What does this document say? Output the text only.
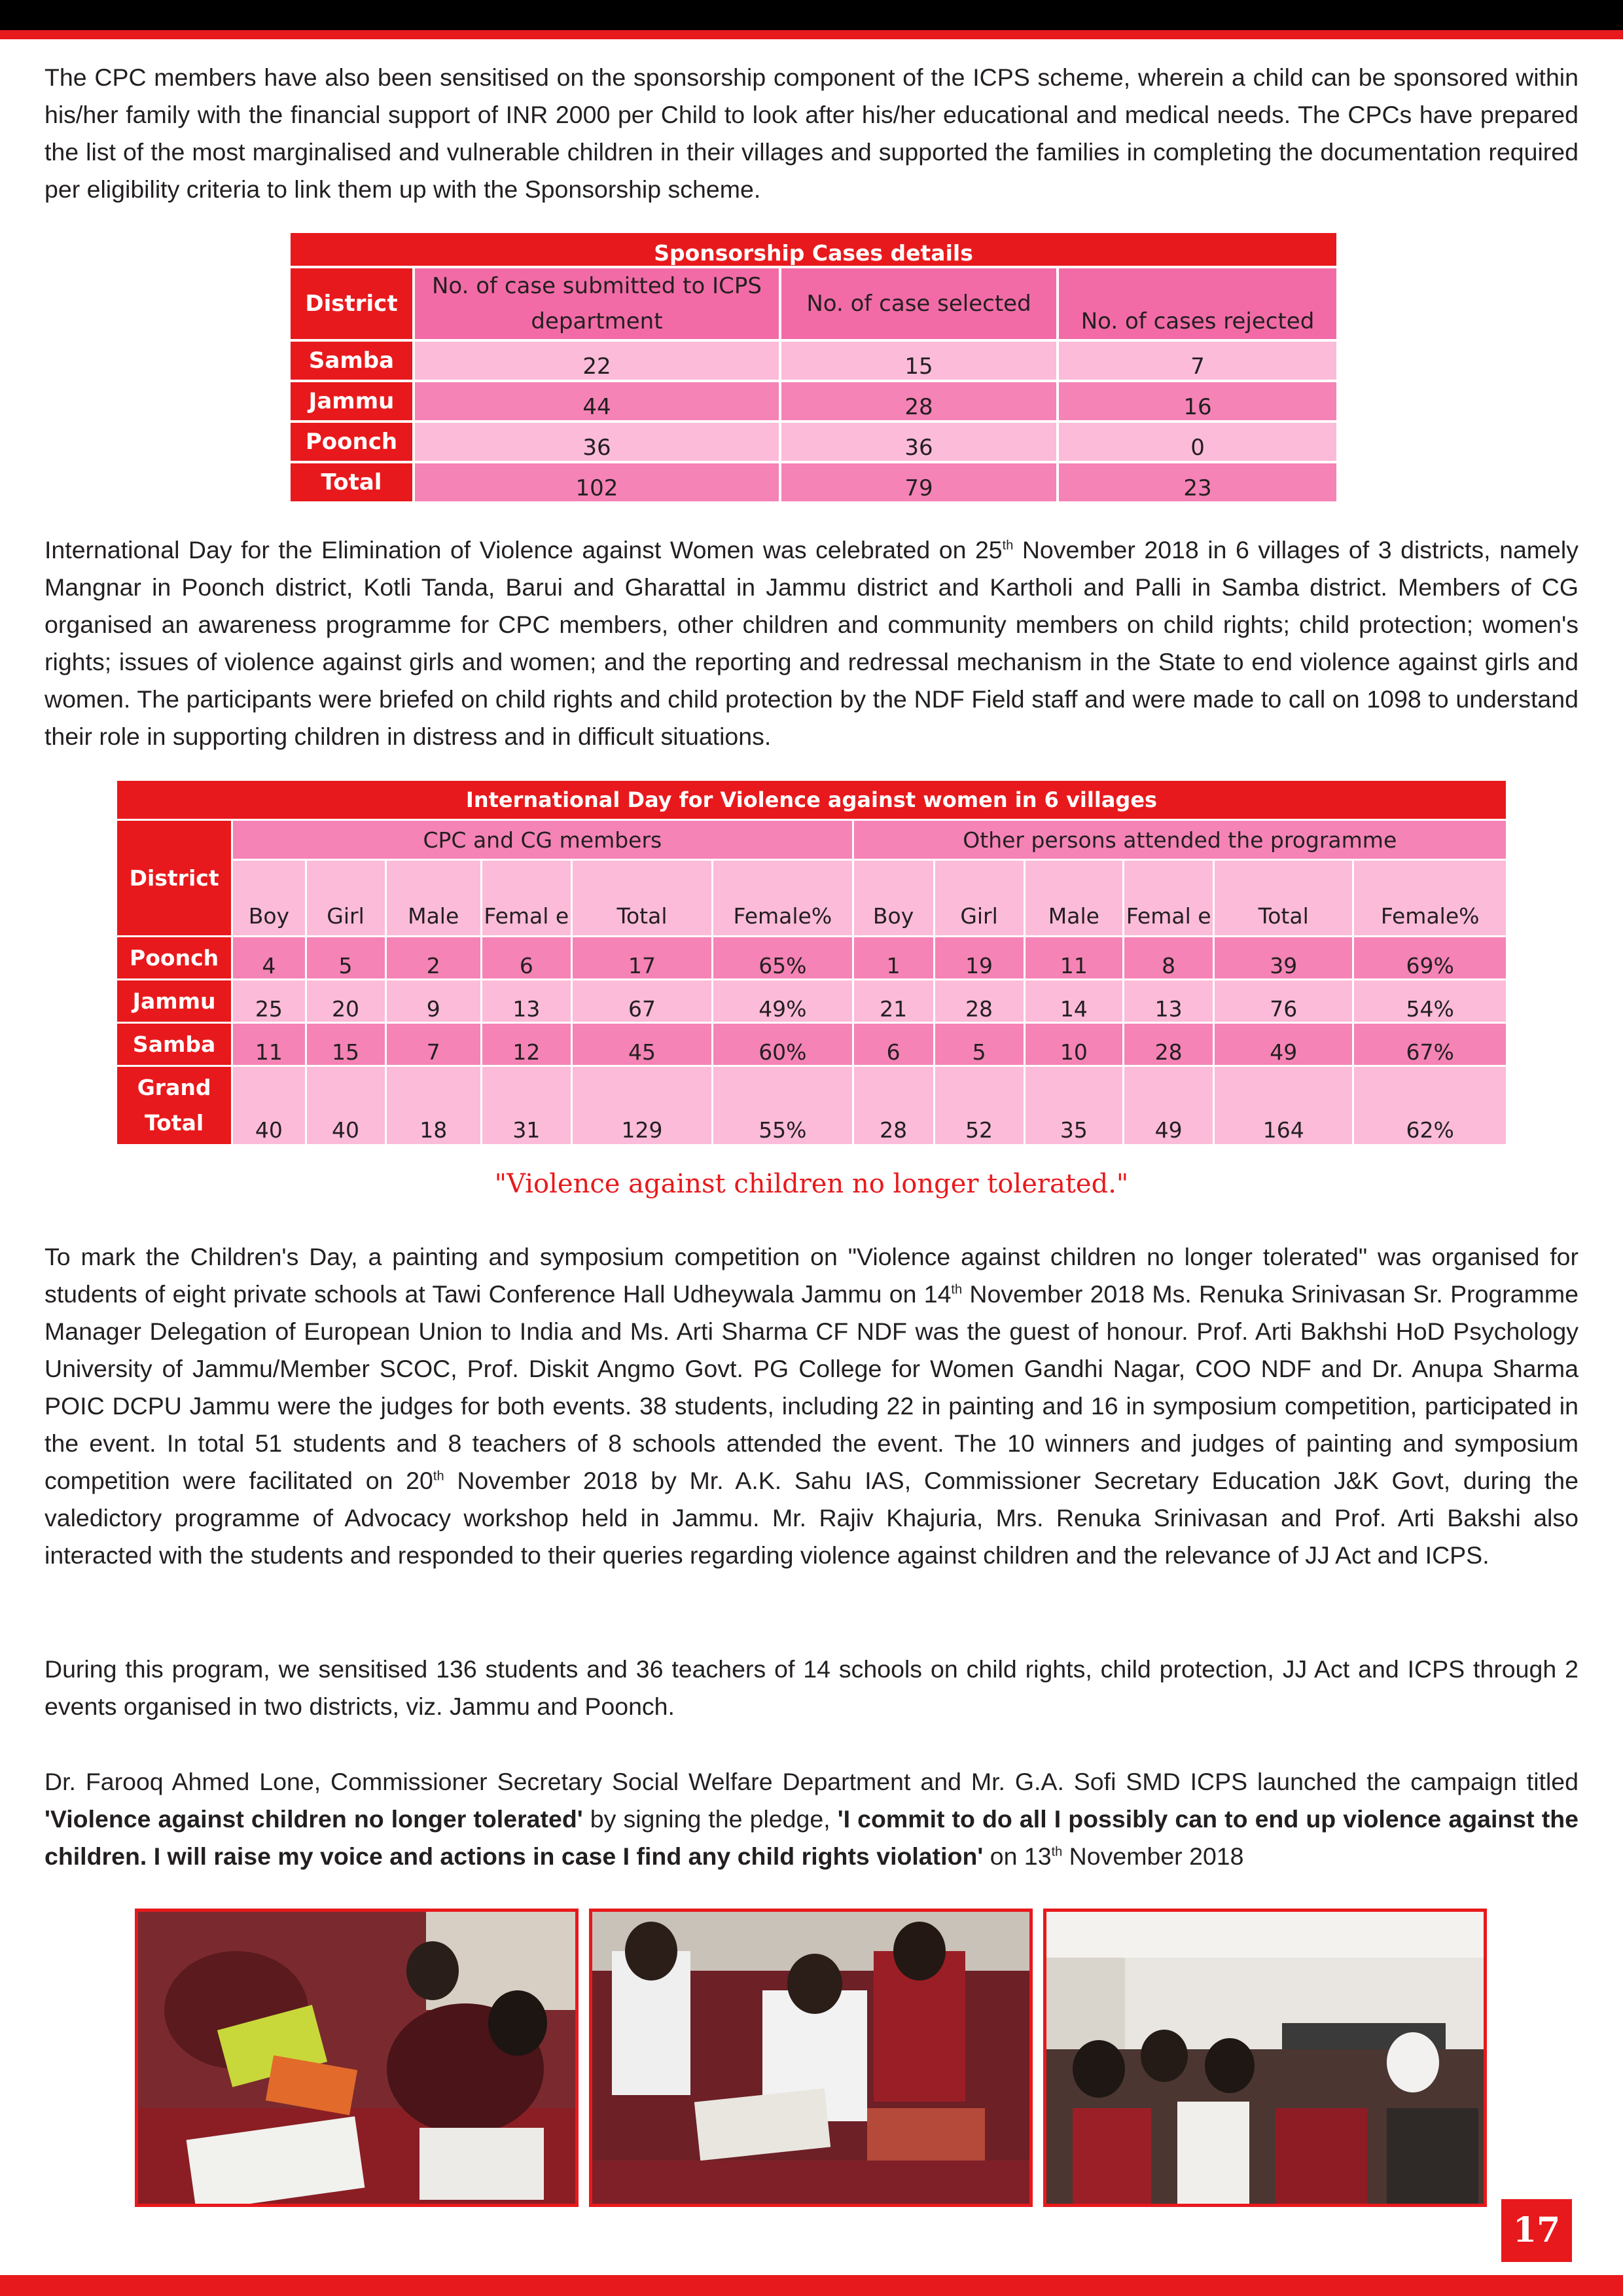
The CPC members have also been sensitised on the sponsorship component of the ICPS scheme, wherein a child can be sponsored within his/her family with the financial support of INR 2000 per Child to look after his/her educational and medical needs. The CPCs have prepared the list of the most marginalised and vulnerable children in their villages and supported the families in completing the documentation required per eligibility criteria to link them up with the Sponsorship scheme.

Sponsorship Cases details			
District	No. of case submitted to ICPS department	No. of case selected	No. of cases rejected
Samba	22	15	7
Jammu	44	28	16
Poonch	36	36	0
Total	102	79	23

International Day for the Elimination of Violence against Women was celebrated on 25th November 2018 in 6 villages of 3 districts, namely Mangnar in Poonch district, Kotli Tanda, Barui and Gharattal in Jammu district and Kartholi and Palli in Samba district. Members of CG organised an awareness programme for CPC members, other children and community members on child rights; child protection; women's rights; issues of violence against girls and women; and the reporting and redressal mechanism in the State to end violence against girls and women. The participants were briefed on child rights and child protection by the NDF Field staff and were made to call on 1098 to understand their role in supporting children in distress and in difficult situations.

International Day for Violence against women in 6 villages												
District	CPC and CG members						Other persons attended the programme					
	Boy	Girl	Male	Femal e	Total	Female%	Boy	Girl	Male	Femal e	Total	Female%
Poonch	4	5	2	6	17	65%	1	19	11	8	39	69%
Jammu	25	20	9	13	67	49%	21	28	14	13	76	54%
Samba	11	15	7	12	45	60%	6	5	10	28	49	67%
Grand Total	40	40	18	31	129	55%	28	52	35	49	164	62%
"Violence against children no longer tolerated."

To mark the Children's Day, a painting and symposium competition on "Violence against children no longer tolerated" was organised for students of eight private schools at Tawi Conference Hall Udheywala Jammu on 14th November 2018 Ms. Renuka Srinivasan Sr. Programme Manager Delegation of European Union to India and Ms. Arti Sharma CF NDF was the guest of honour. Prof. Arti Bakhshi HoD Psychology University of Jammu/Member SCOC, Prof. Diskit Angmo Govt. PG College for Women Gandhi Nagar, COO NDF and Dr. Anupa Sharma POIC DCPU Jammu were the judges for both events. 38 students, including 22 in painting and 16 in symposium competition, participated in the event. In total 51 students and 8 teachers of 8 schools attended the event. The 10 winners and judges of painting and symposium competition were facilitated on 20th November 2018 by Mr. A.K. Sahu IAS, Commissioner Secretary Education J&K Govt, during the valedictory programme of Advocacy workshop held in Jammu. Mr. Rajiv Khajuria, Mrs. Renuka Srinivasan and Prof. Arti Bakshi also interacted with the students and responded to their queries regarding violence against children and the relevance of JJ Act and ICPS.

During this program, we sensitised 136 students and 36 teachers of 14 schools on child rights, child protection, JJ Act and ICPS through 2 events organised in two districts, viz. Jammu and Poonch.

Dr. Farooq Ahmed Lone, Commissioner Secretary Social Welfare Department and Mr. G.A. Sofi SMD ICPS launched the campaign titled 'Violence against children no longer tolerated' by signing the pledge, 'I commit to do all I possibly can to end up violence against the children. I will raise my voice and actions in case I find any child rights violation' on 13th November 2018

17
